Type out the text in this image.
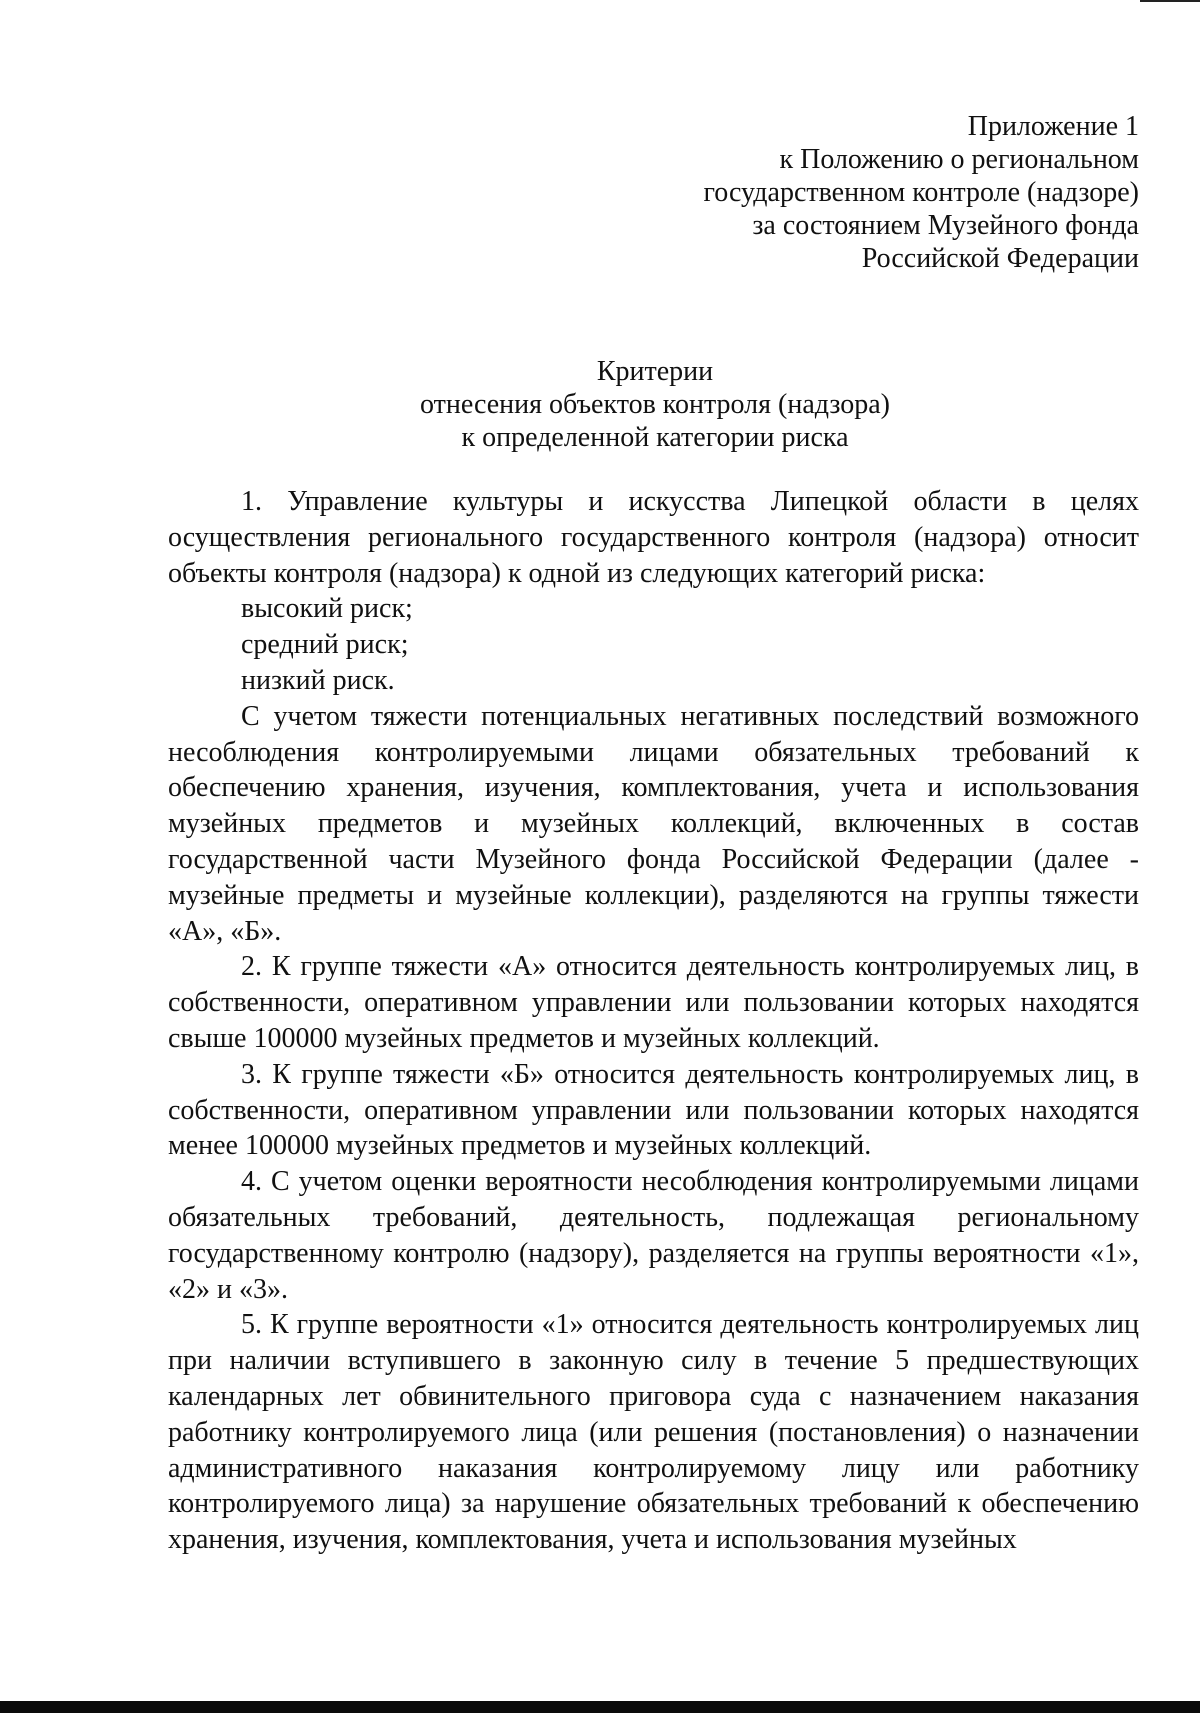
Приложение 1
к Положению о региональном
государственном контроле (надзоре)
за состоянием Музейного фонда
Российской Федерации
Критерии
отнесения объектов контроля (надзора)
к определенной категории риска

1. Управление культуры и искусства Липецкой области в целях осуществления регионального государственного контроля (надзора) относит объекты контроля (надзора) к одной из следующих категорий риска:

высокий риск;

средний риск;

низкий риск.

С учетом тяжести потенциальных негативных последствий возможного несоблюдения контролируемыми лицами обязательных требований к обеспечению хранения, изучения, комплектования, учета и использования музейных предметов и музейных коллекций, включенных в состав государственной части Музейного фонда Российской Федерации (далее - музейные предметы и музейные коллекции), разделяются на группы тяжести «А», «Б».

2. К группе тяжести «А» относится деятельность контролируемых лиц, в собственности, оперативном управлении или пользовании которых находятся свыше 100000 музейных предметов и музейных коллекций.

3. К группе тяжести «Б» относится деятельность контролируемых лиц, в собственности, оперативном управлении или пользовании которых находятся менее 100000 музейных предметов и музейных коллекций.

4. С учетом оценки вероятности несоблюдения контролируемыми лицами обязательных требований, деятельность, подлежащая региональному государственному контролю (надзору), разделяется на группы вероятности «1», «2» и «3».

5. К группе вероятности «1» относится деятельность контролируемых лиц при наличии вступившего в законную силу в течение 5 предшествующих календарных лет обвинительного приговора суда с назначением наказания работнику контролируемого лица (или решения (постановления) о назначении административного наказания контролируемому лицу или работнику контролируемого лица) за нарушение обязательных требований к обеспечению хранения, изучения, комплектования, учета и использования музейных
